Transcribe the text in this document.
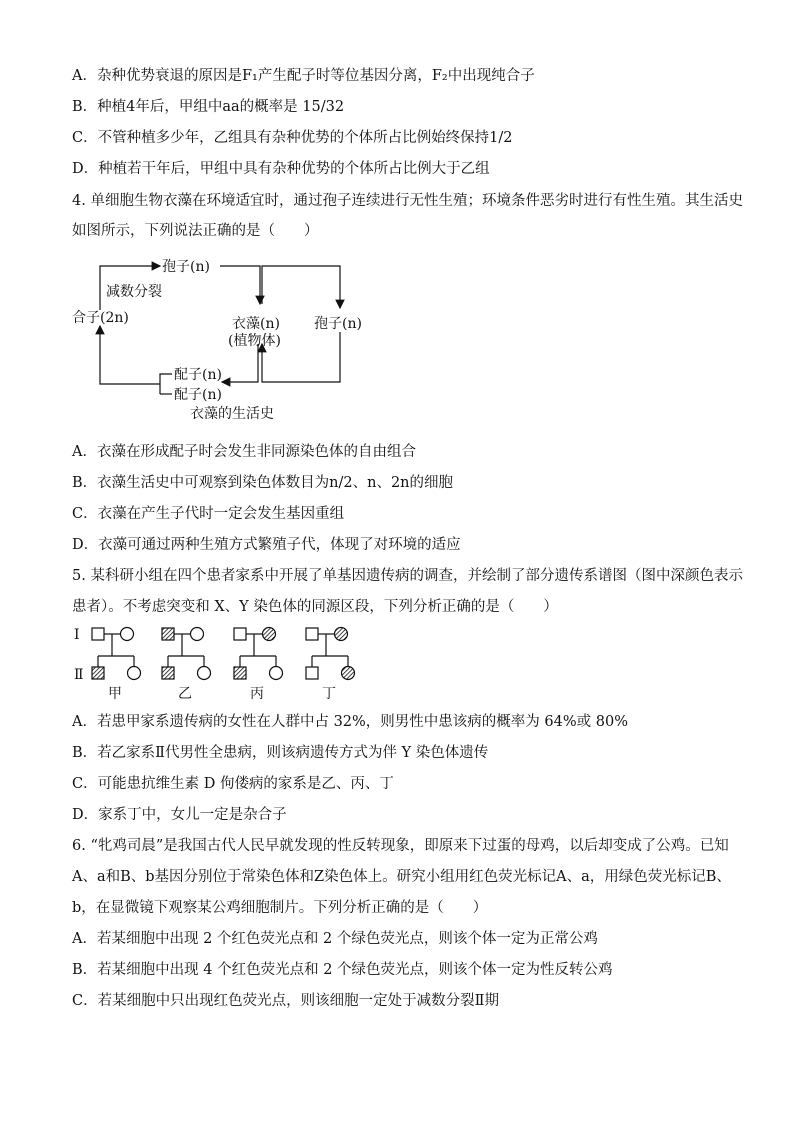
A．杂种优势衰退的原因是F₁产生配子时等位基因分离，F₂中出现纯合子
B．种植4年后，甲组中aa的概率是 15/32
C．不管种植多少年，乙组具有杂种优势的个体所占比例始终保持1/2
D．种植若干年后，甲组中具有杂种优势的个体所占比例大于乙组
4. 单细胞生物衣藻在环境适宜时，通过孢子连续进行无性生殖；环境条件恶劣时进行有性生殖。其生活史
如图所示，下列说法正确的是（　　）
孢子(n)
减数分裂
合子(2n)	衣藻(n)
(植物体)
孢子(n)
配子(n)
配子(n)
衣藻的生活史
A．衣藻在形成配子时会发生非同源染色体的自由组合
B．衣藻生活史中可观察到染色体数目为n/2、n、2n的细胞
C．衣藻在产生子代时一定会发生基因重组
D．衣藻可通过两种生殖方式繁殖子代，体现了对环境的适应
5. 某科研小组在四个患者家系中开展了单基因遗传病的调查，并绘制了部分遗传系谱图（图中深颜色表示
患者）。不考虑突变和 X、Y 染色体的同源区段，下列分析正确的是（　　）
Ⅰ
Ⅱ
甲	乙	丙	丁
A．若患甲家系遗传病的女性在人群中占 32%，则男性中患该病的概率为 64%或 80%
B．若乙家系Ⅱ代男性全患病，则该病遗传方式为伴 Y 染色体遗传
C．可能患抗维生素 D 佝偻病的家系是乙、丙、丁
D．家系丁中，女儿一定是杂合子
6. “牝鸡司晨”是我国古代人民早就发现的性反转现象，即原来下过蛋的母鸡，以后却变成了公鸡。已知
A、a和B、b基因分别位于常染色体和Z染色体上。研究小组用红色荧光标记A、a，用绿色荧光标记B、
b，在显微镜下观察某公鸡细胞制片。下列分析正确的是（　　）
A．若某细胞中出现 2 个红色荧光点和 2 个绿色荧光点，则该个体一定为正常公鸡
B．若某细胞中出现 4 个红色荧光点和 2 个绿色荧光点，则该个体一定为性反转公鸡
C．若某细胞中只出现红色荧光点，则该细胞一定处于减数分裂Ⅱ期
